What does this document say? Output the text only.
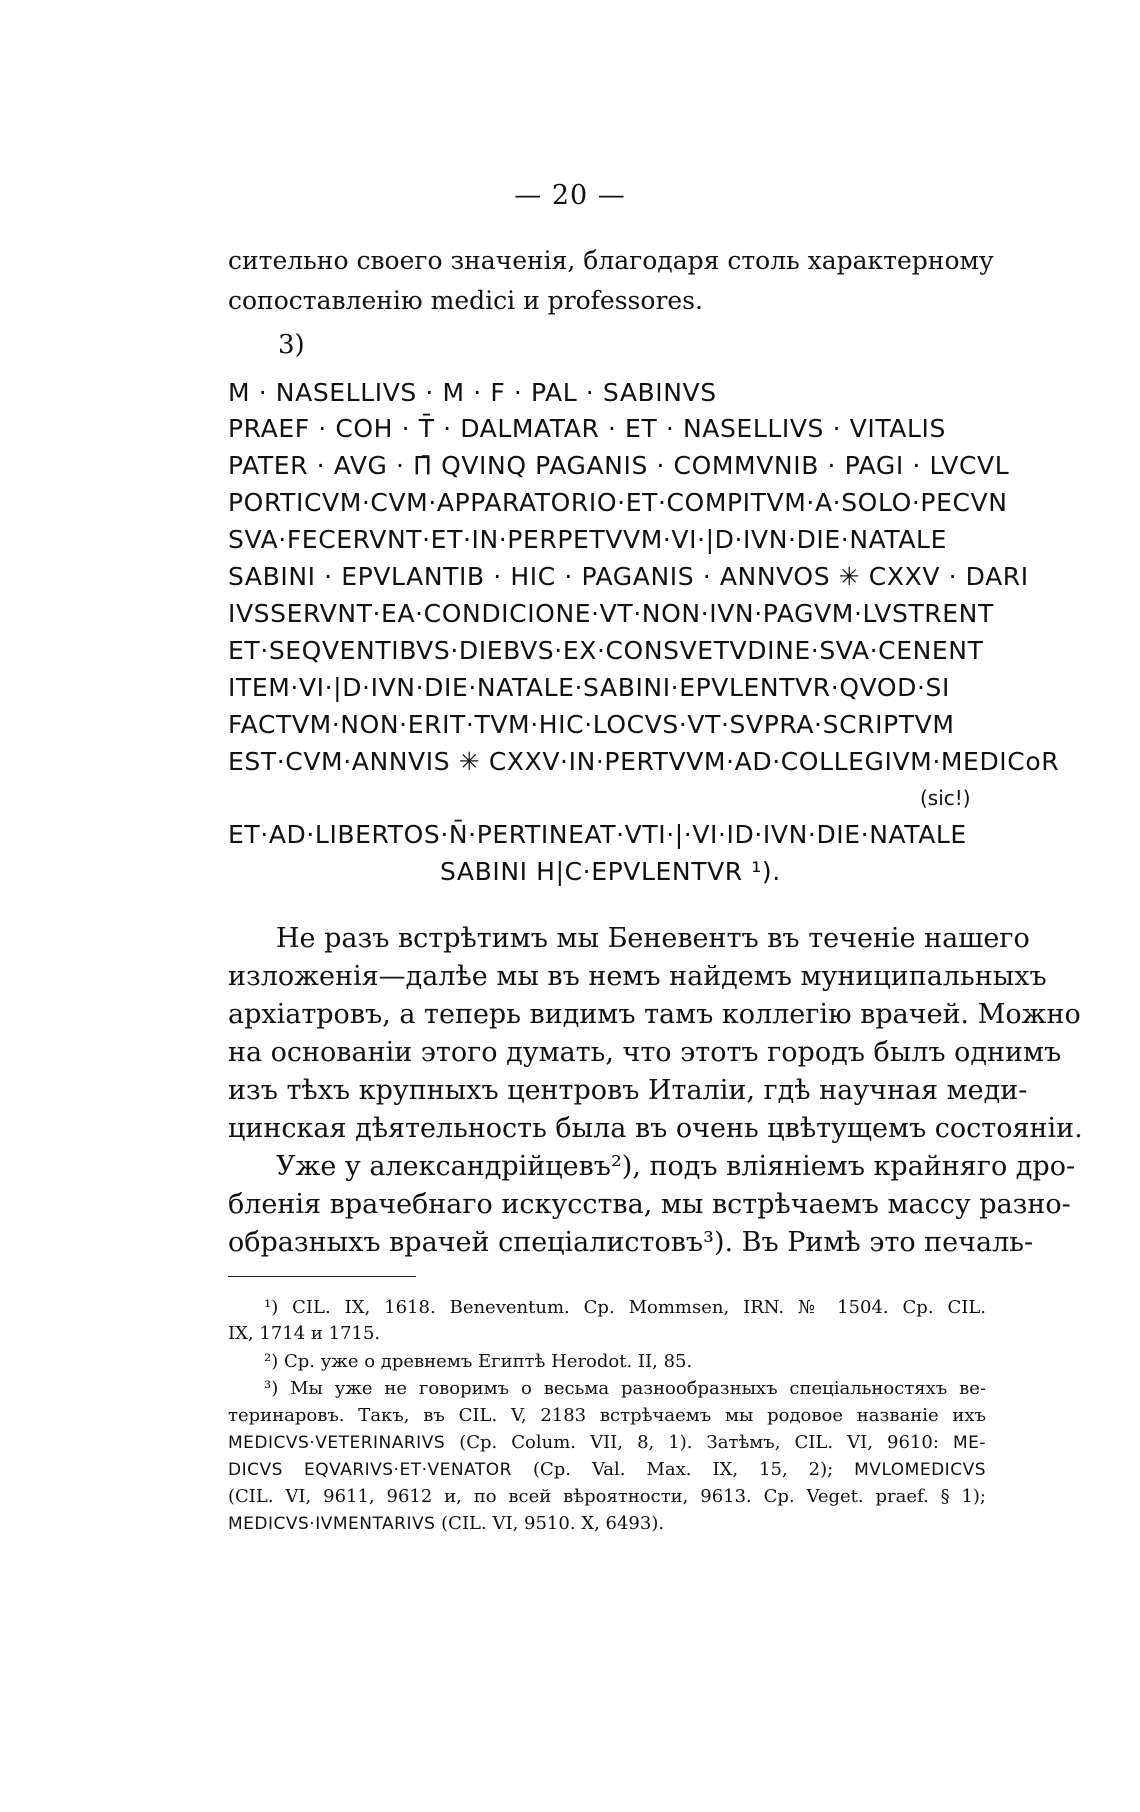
— 20 —
сительно своего значенія, благодаря столь характерному
сопоставленію medici и professores.
3)
M · NASELLIVS · M · F · PAL · SABINVS
PRAEF · COH · T̄ · DALMATAR · ET · NASELLIVS · VITALIS
PATER · AVG · Π̄ QVINQ PAGANIS · COMMVNIB · PAGI · LVCVL
PORTICVM·CVM·APPARATORIO·ET·COMPITVM·A·SOLO·PECVN
SVA·FECERVNT·ET·IN·PERPETVVM·VI·|D·IVN·DIE·NATALE
SABINI · EPVLANTIB · HIC · PAGANIS · ANNVOS ✳ CXXV · DARI
IVSSERVNT·EA·CONDICIONE·VT·NON·IVN·PAGVM·LVSTRENT
ET·SEQVENTIBVS·DIEBVS·EX·CONSVETVDINE·SVA·CENENT
ITEM·VI·|D·IVN·DIE·NATALE·SABINI·EPVLENTVR·QVOD·SI
FACTVM·NON·ERIT·TVM·HIC·LOCVS·VT·SVPRA·SCRIPTVM
EST·CVM·ANNVIS ✳ CXXV·IN·PERTVVM·AD·COLLEGIVM·MEDICoR
(sic!)
ET·AD·LIBERTOS·N̄·PERTINEAT·VTI·|·VI·ID·IVN·DIE·NATALE
SABINI H|C·EPVLENTVR ¹).
Не разъ встрѣтимъ мы Беневентъ въ теченіе нашего
изложенія—далѣе мы въ немъ найдемъ муниципальныхъ
архіатровъ, а теперь видимъ тамъ коллегію врачей. Можно
на основаніи этого думать, что этотъ городъ былъ однимъ
изъ тѣхъ крупныхъ центровъ Италіи, гдѣ научная меди-
цинская дѣятельность была въ очень цвѣтущемъ состояніи.
Уже у александрійцевъ²), подъ вліяніемъ крайняго дро-
бленія врачебнаго искусства, мы встрѣчаемъ массу разно-
образныхъ врачей спеціалистовъ³). Въ Римѣ это печаль-
¹) CIL. IX, 1618. Beneventum. Cp. Mommsen, IRN. № 1504. Cp. CIL.
IX, 1714 и 1715.
²) Cp. уже о древнемъ Египтѣ Herodot. II, 85.
³) Мы уже не говоримъ о весьма разнообразныхъ спеціальностяхъ ве-
теринаровъ. Такъ, въ CIL. V, 2183 встрѣчаемъ мы родовое названіе ихъ
MEDICVS·VETERINARIVS (Cp. Colum. VII, 8, 1). Затѣмъ, CIL. VI, 9610: ME-
DICVS EQVARIVS·ET·VENATOR (Cp. Val. Max. IX, 15, 2); MVLOMEDICVS
(CIL. VI, 9611, 9612 и, по всей вѣроятности, 9613. Cp. Veget. praef. § 1);
MEDICVS·IVMENTARIVS (CIL. VI, 9510. X, 6493).
